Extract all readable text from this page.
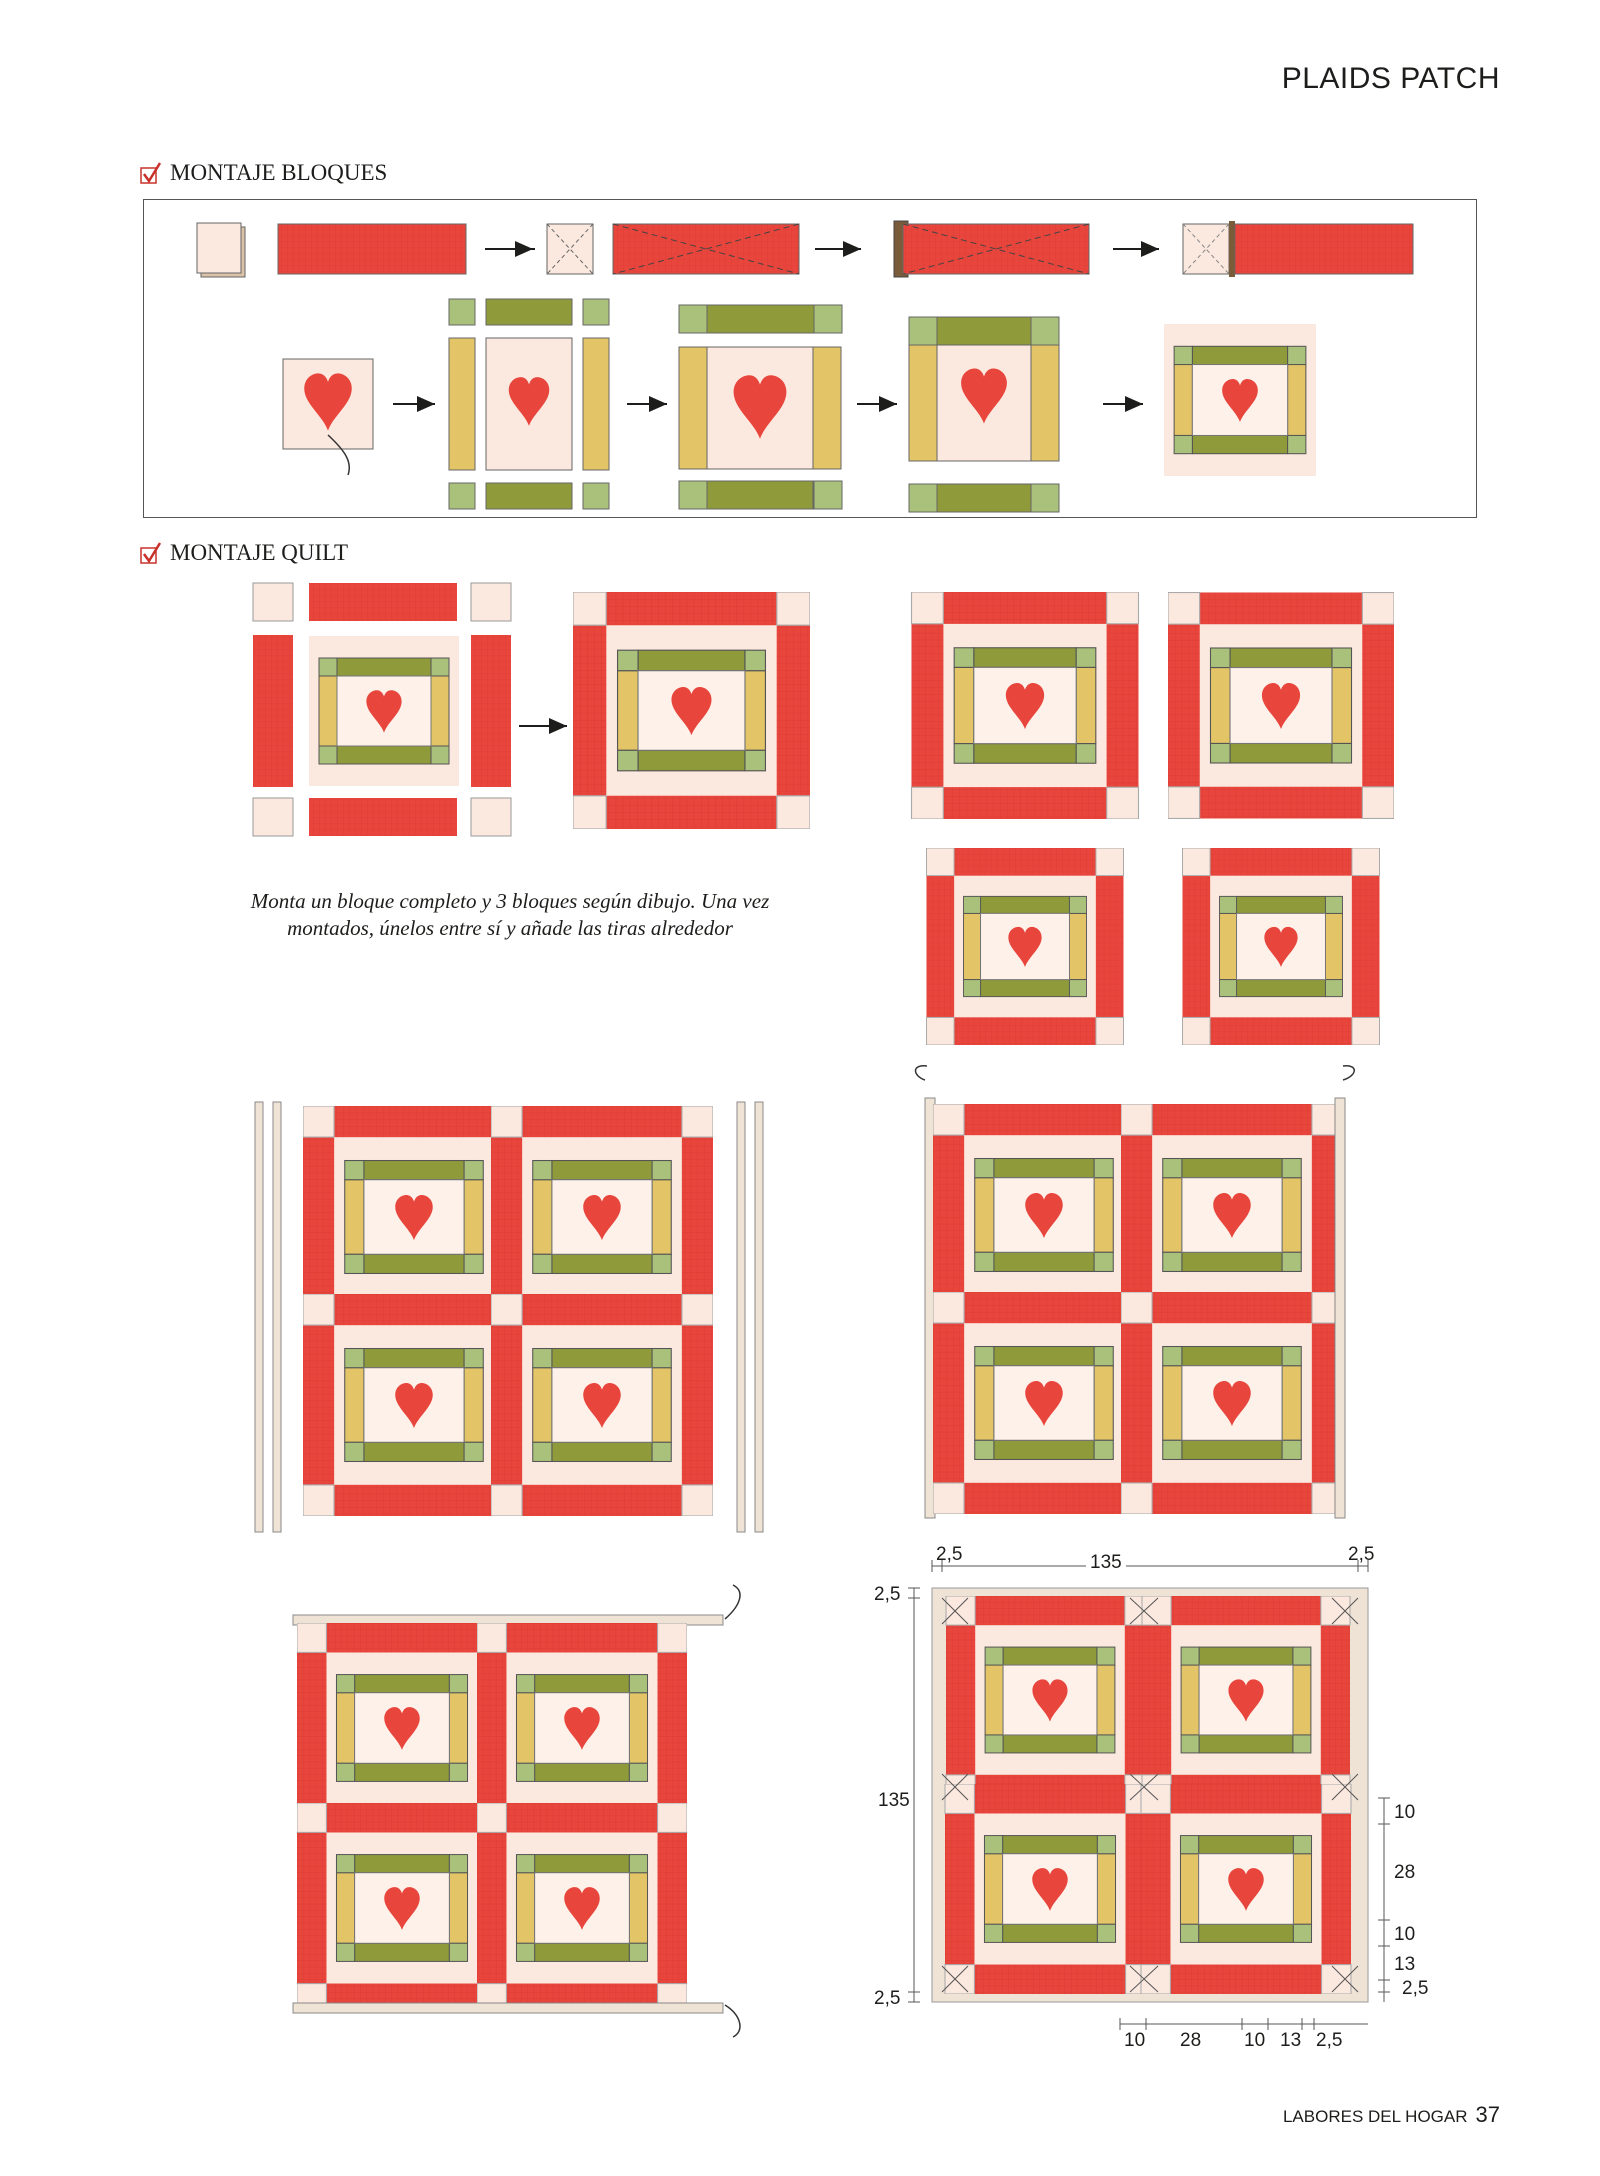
PLAIDS PATCH
MONTAJE BLOQUES
MONTAJE QUILT
Monta un bloque completo y 3 bloques según dibujo. Una vez montados, únelos entre sí y añade las tiras alrededor
2,5	135	2,5
2,5
135
2,5
10
28
10
13
2,5
10 28 10 13 2,5
LABORES DEL HOGAR 37
